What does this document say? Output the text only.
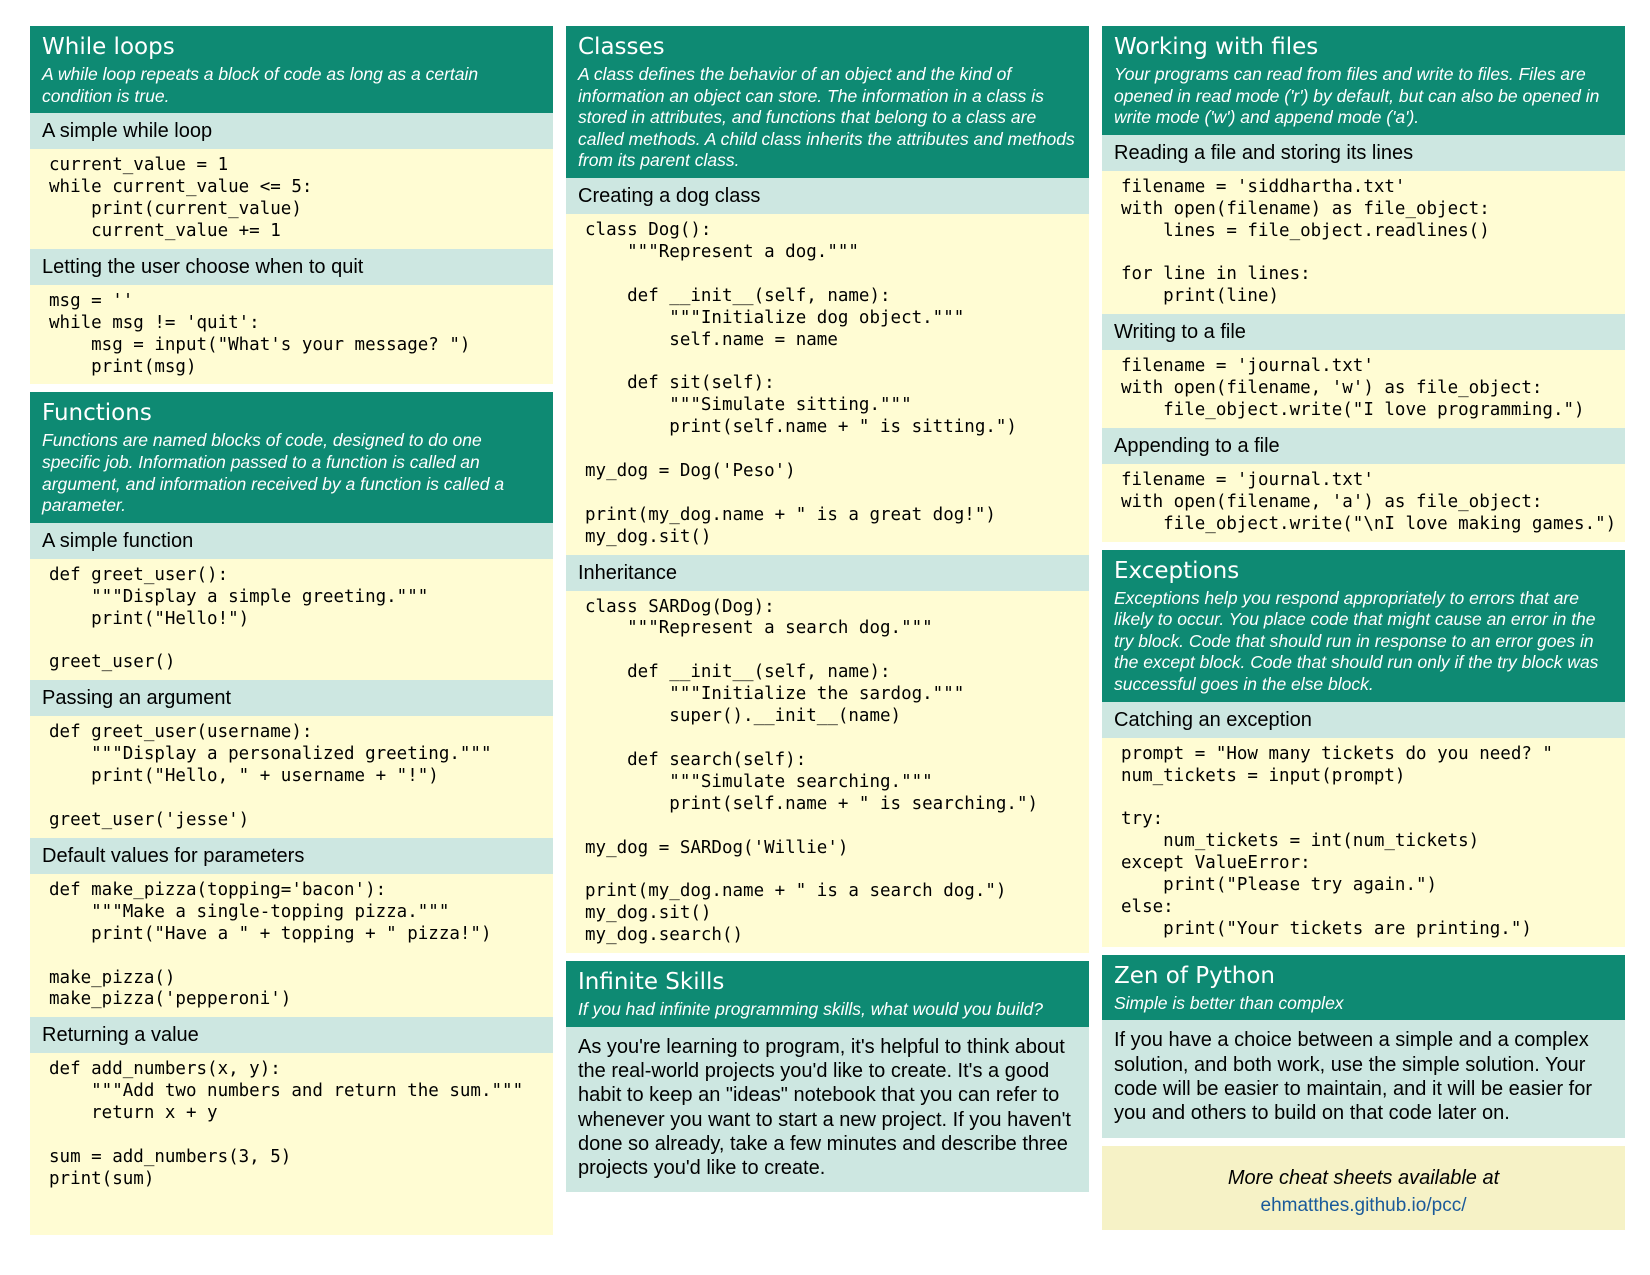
While loops

A while loop repeats a block of code as long as a certain condition is true.

A simple while loop
current_value = 1
while current_value <= 5:
print(current_value)
current_value += 1
Letting the user choose when to quit
msg = ''
while msg != 'quit':
msg = input("What's your message? ")
print(msg)
Functions

Functions are named blocks of code, designed to do one specific job. Information passed to a function is called an argument, and information received by a function is called a parameter.

A simple function
def greet_user():
"""Display a simple greeting."""
print("Hello!")

greet_user()
Passing an argument
def greet_user(username):
"""Display a personalized greeting."""
print("Hello, " + username + "!")

greet_user('jesse')
Default values for parameters
def make_pizza(topping='bacon'):
"""Make a single-topping pizza."""
print("Have a " + topping + " pizza!")

make_pizza()
make_pizza('pepperoni')
Returning a value
def add_numbers(x, y):
"""Add two numbers and return the sum."""
return x + y

sum = add_numbers(3, 5)
print(sum)
Classes

A class defines the behavior of an object and the kind of information an object can store. The information in a class is stored in attributes, and functions that belong to a class are called methods. A child class inherits the attributes and methods from its parent class.

Creating a dog class
class Dog():
"""Represent a dog."""

def __init__(self, name):
"""Initialize dog object."""
self.name = name

def sit(self):
"""Simulate sitting."""
print(self.name + " is sitting.")

my_dog = Dog('Peso')

print(my_dog.name + " is a great dog!")
my_dog.sit()
Inheritance
class SARDog(Dog):
"""Represent a search dog."""

def __init__(self, name):
"""Initialize the sardog."""
super().__init__(name)

def search(self):
"""Simulate searching."""
print(self.name + " is searching.")

my_dog = SARDog('Willie')

print(my_dog.name + " is a search dog.")
my_dog.sit()
my_dog.search()
Infinite Skills

If you had infinite programming skills, what would you build?

As you're learning to program, it's helpful to think about the real-world projects you'd like to create. It's a good habit to keep an "ideas" notebook that you can refer to whenever you want to start a new project. If you haven't done so already, take a few minutes and describe three projects you'd like to create.
Working with files

Your programs can read from files and write to files. Files are opened in read mode ('r') by default, but can also be opened in write mode ('w') and append mode ('a').

Reading a file and storing its lines
filename = 'siddhartha.txt'
with open(filename) as file_object:
lines = file_object.readlines()

for line in lines:
print(line)
Writing to a file
filename = 'journal.txt'
with open(filename, 'w') as file_object:
file_object.write("I love programming.")
Appending to a file
filename = 'journal.txt'
with open(filename, 'a') as file_object:
file_object.write("\nI love making games.")
Exceptions

Exceptions help you respond appropriately to errors that are likely to occur. You place code that might cause an error in the try block. Code that should run in response to an error goes in the except block. Code that should run only if the try block was successful goes in the else block.

Catching an exception
prompt = "How many tickets do you need? "
num_tickets = input(prompt)

try:
num_tickets = int(num_tickets)
except ValueError:
print("Please try again.")
else:
print("Your tickets are printing.")
Zen of Python

Simple is better than complex

If you have a choice between a simple and a complex solution, and both work, use the simple solution. Your code will be easier to maintain, and it will be easier for you and others to build on that code later on.
More cheat sheets available at
ehmatthes.github.io/pcc/
